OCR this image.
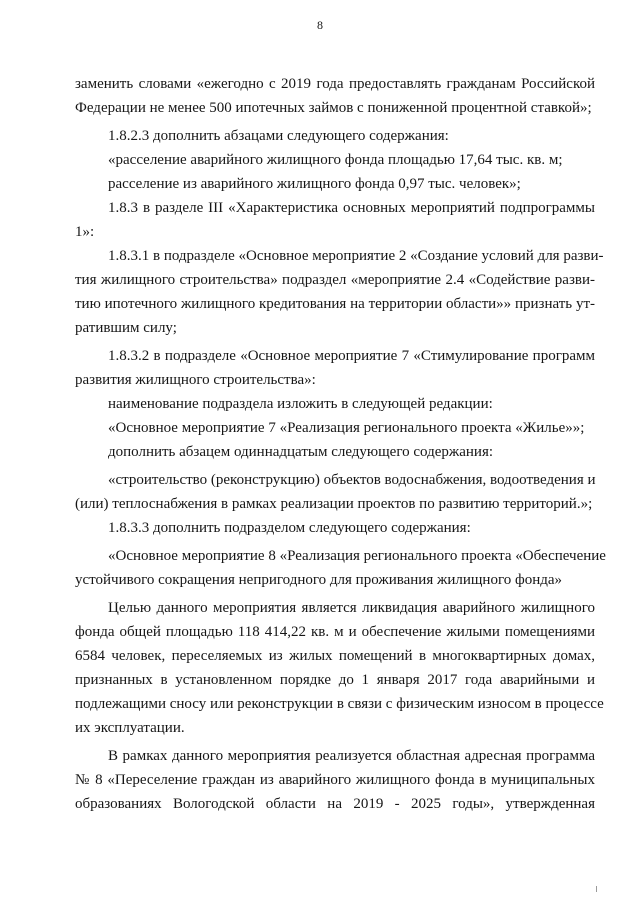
8
заменить словами «ежегодно с 2019 года предоставлять гражданам Российской
Федерации не менее 500 ипотечных займов с пониженной процентной ставкой»;
1.8.2.3 дополнить абзацами следующего содержания:
«расселение аварийного жилищного фонда площадью 17,64 тыс. кв. м;
расселение из аварийного жилищного фонда 0,97 тыс. человек»;
1.8.3 в разделе III «Характеристика основных мероприятий подпрограммы
1»:
1.8.3.1 в подразделе «Основное мероприятие 2 «Создание условий для разви-
тия жилищного строительства» подраздел «мероприятие 2.4 «Содействие разви-
тию ипотечного жилищного кредитования на территории области»» признать ут-
ратившим силу;
1.8.3.2 в подразделе «Основное мероприятие 7 «Стимулирование программ
развития жилищного строительства»:
наименование подраздела изложить в следующей редакции:
«Основное мероприятие 7 «Реализация регионального проекта «Жилье»»;
дополнить абзацем одиннадцатым следующего содержания:
«строительство (реконструкцию) объектов водоснабжения, водоотведения и
(или) теплоснабжения в рамках реализации проектов по развитию территорий.»;
1.8.3.3 дополнить подразделом следующего содержания:
«Основное мероприятие 8 «Реализация регионального проекта «Обеспечение
устойчивого сокращения непригодного для проживания жилищного фонда»
Целью данного мероприятия является ликвидация аварийного жилищного
фонда общей площадью 118 414,22 кв. м и обеспечение жилыми помещениями
6584 человек, переселяемых из жилых помещений в многоквартирных домах,
признанных в установленном порядке до 1 января 2017 года аварийными и
подлежащими сносу или реконструкции в связи с физическим износом в процессе
их эксплуатации.
В рамках данного мероприятия реализуется областная адресная программа
№ 8 «Переселение граждан из аварийного жилищного фонда в муниципальных
образованиях Вологодской области на 2019 - 2025 годы», утвержденная
